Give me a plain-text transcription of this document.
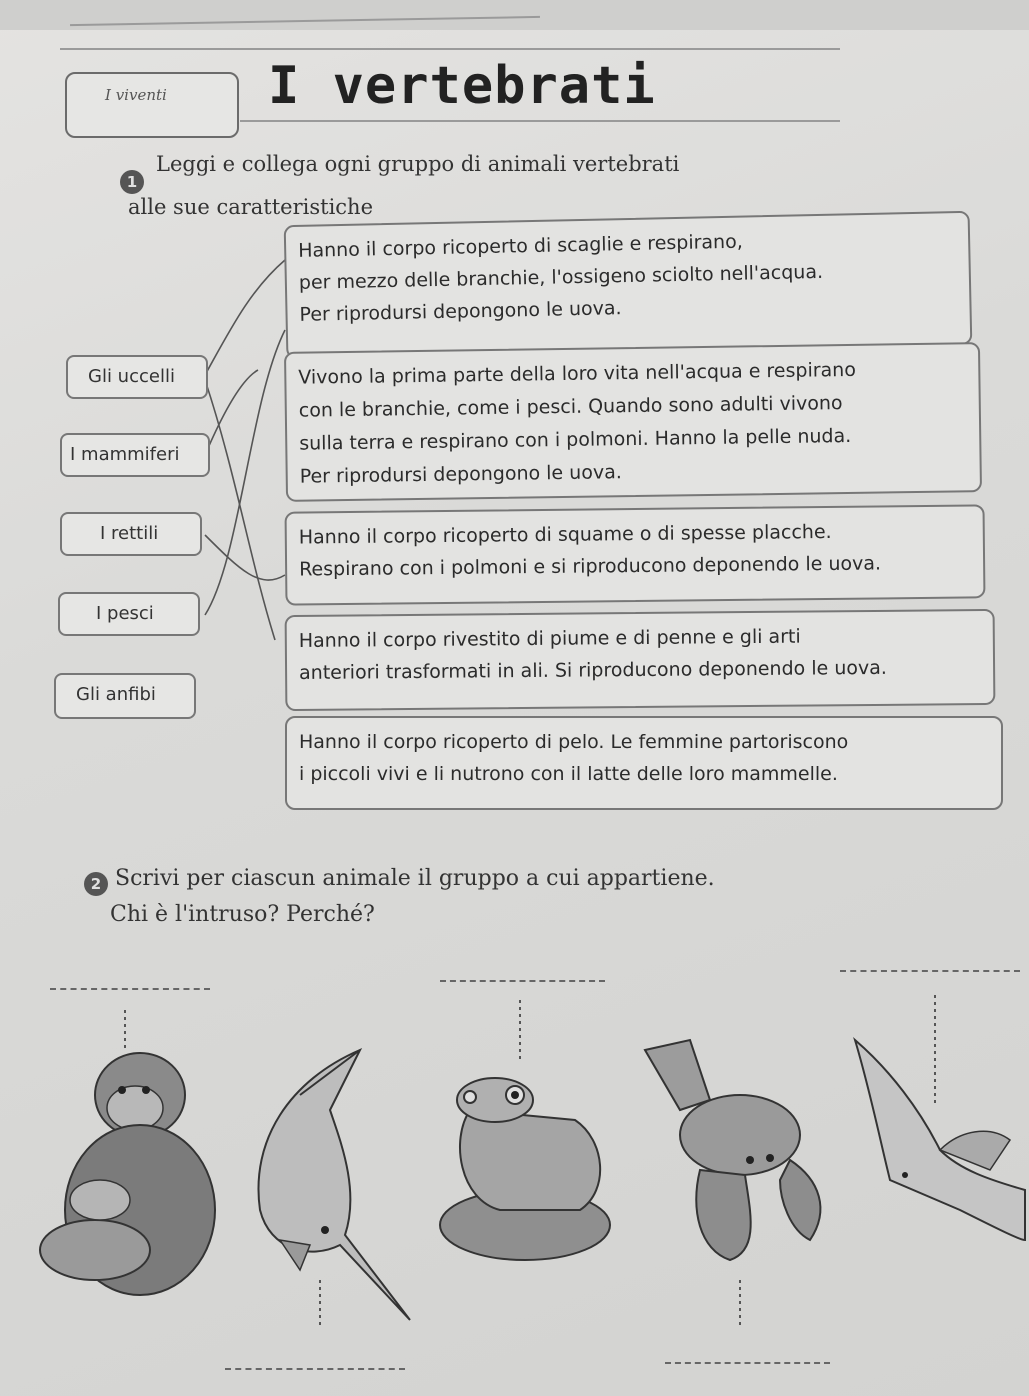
I viventi I vertebrati
1
Leggi e collega ogni gruppo di animali vertebrati
alle sue caratteristiche
Gli uccelli
I mammiferi
I rettili
I pesci
Gli anfibi
Hanno il corpo ricoperto di scaglie e respirano,
per mezzo delle branchie, l'ossigeno sciolto nell'acqua.
Per riprodursi depongono le uova.
Vivono la prima parte della loro vita nell'acqua e respirano
con le branchie, come i pesci. Quando sono adulti vivono
sulla terra e respirano con i polmoni. Hanno la pelle nuda.
Per riprodursi depongono le uova.
Hanno il corpo ricoperto di squame o di spesse placche.
Respirano con i polmoni e si riproducono deponendo le uova.
Hanno il corpo rivestito di piume e di penne e gli arti
anteriori trasformati in ali. Si riproducono deponendo le uova.
Hanno il corpo ricoperto di pelo. Le femmine partoriscono
i piccoli vivi e li nutrono con il latte delle loro mammelle.
2 Scrivi per ciascun animale il gruppo a cui appartiene.
Chi è l'intruso? Perché?
